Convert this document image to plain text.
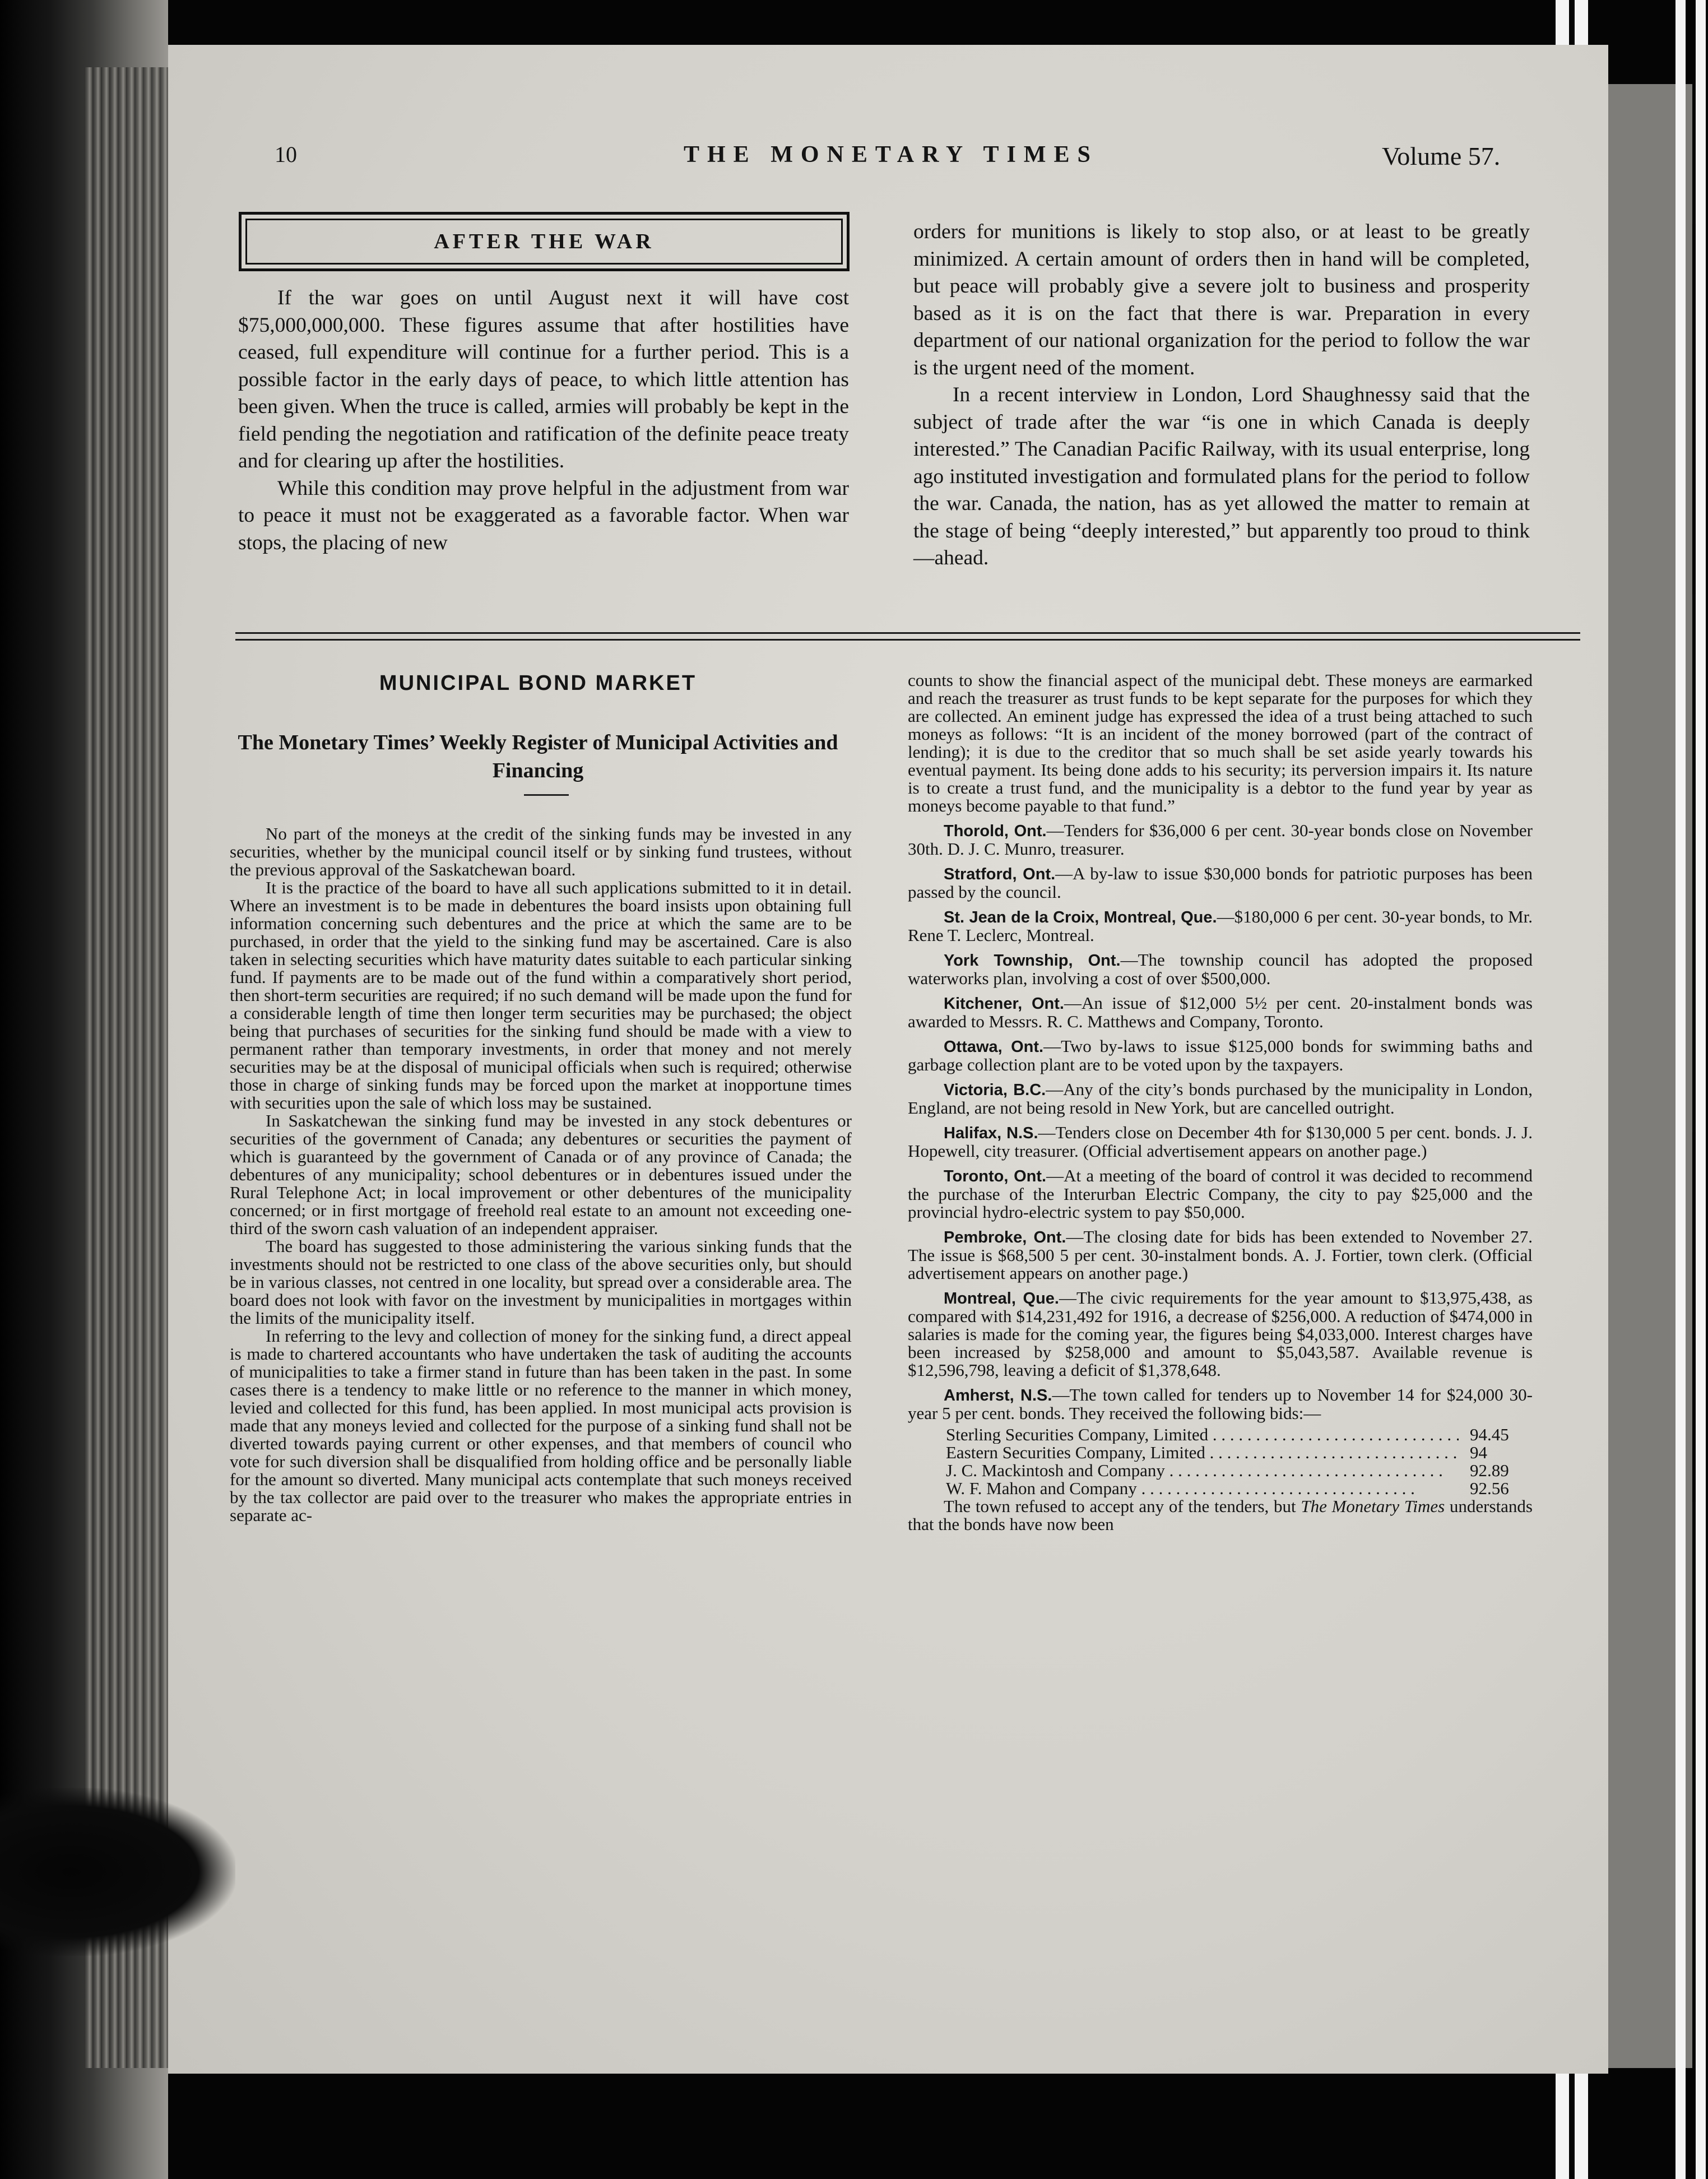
10	THE MONETARY TIMES	Volume 57.
AFTER THE WAR

If the war goes on until August next it will have cost $75,000,000,000. These figures assume that after hostilities have ceased, full expenditure will continue for a further period. This is a possible factor in the early days of peace, to which little attention has been given. When the truce is called, armies will probably be kept in the field pending the negotiation and ratification of the definite peace treaty and for clearing up after the hostilities.

While this condition may prove helpful in the adjustment from war to peace it must not be exaggerated as a favorable factor. When war stops, the placing of new

orders for munitions is likely to stop also, or at least to be greatly minimized. A certain amount of orders then in hand will be completed, but peace will probably give a severe jolt to business and prosperity based as it is on the fact that there is war. Preparation in every department of our national organization for the period to follow the war is the urgent need of the moment.

In a recent interview in London, Lord Shaughnessy said that the subject of trade after the war “is one in which Canada is deeply interested.” The Canadian Pacific Railway, with its usual enterprise, long ago instituted investigation and formulated plans for the period to follow the war. Canada, the nation, has as yet allowed the matter to remain at the stage of being “deeply interested,” but apparently too proud to think—ahead.

MUNICIPAL BOND MARKET
The Monetary Times’ Weekly Register of Municipal Activities and Financing

No part of the moneys at the credit of the sinking funds may be invested in any securities, whether by the municipal council itself or by sinking fund trustees, without the previous approval of the Saskatchewan board.

It is the practice of the board to have all such applications submitted to it in detail. Where an investment is to be made in debentures the board insists upon obtaining full information concerning such debentures and the price at which the same are to be purchased, in order that the yield to the sinking fund may be ascertained. Care is also taken in selecting securities which have maturity dates suitable to each particular sinking fund. If payments are to be made out of the fund within a comparatively short period, then short-term securities are required; if no such demand will be made upon the fund for a considerable length of time then longer term securities may be purchased; the object being that purchases of securities for the sinking fund should be made with a view to permanent rather than temporary investments, in order that money and not merely securities may be at the disposal of municipal officials when such is required; otherwise those in charge of sinking funds may be forced upon the market at inopportune times with securities upon the sale of which loss may be sustained.

In Saskatchewan the sinking fund may be invested in any stock debentures or securities of the government of Canada; any debentures or securities the payment of which is guaranteed by the government of Canada or of any province of Canada; the debentures of any municipality; school debentures or in debentures issued under the Rural Telephone Act; in local improvement or other debentures of the municipality concerned; or in first mortgage of freehold real estate to an amount not exceeding one-third of the sworn cash valuation of an independent appraiser.

The board has suggested to those administering the various sinking funds that the investments should not be restricted to one class of the above securities only, but should be in various classes, not centred in one locality, but spread over a considerable area. The board does not look with favor on the investment by municipalities in mortgages within the limits of the municipality itself.

In referring to the levy and collection of money for the sinking fund, a direct appeal is made to chartered accountants who have undertaken the task of auditing the accounts of municipalities to take a firmer stand in future than has been taken in the past. In some cases there is a tendency to make little or no reference to the manner in which money, levied and collected for this fund, has been applied. In most municipal acts provision is made that any moneys levied and collected for the purpose of a sinking fund shall not be diverted towards paying current or other expenses, and that members of council who vote for such diversion shall be disqualified from holding office and be personally liable for the amount so diverted. Many municipal acts contemplate that such moneys received by the tax collector are paid over to the treasurer who makes the appropriate entries in separate ac-

counts to show the financial aspect of the municipal debt. These moneys are earmarked and reach the treasurer as trust funds to be kept separate for the purposes for which they are collected. An eminent judge has expressed the idea of a trust being attached to such moneys as follows: “It is an incident of the money borrowed (part of the contract of lending); it is due to the creditor that so much shall be set aside yearly towards his eventual payment. Its being done adds to his security; its perversion impairs it. Its nature is to create a trust fund, and the municipality is a debtor to the fund year by year as moneys become payable to that fund.”

Thorold, Ont.—Tenders for $36,000 6 per cent. 30-year bonds close on November 30th. D. J. C. Munro, treasurer.

Stratford, Ont.—A by-law to issue $30,000 bonds for patriotic purposes has been passed by the council.

St. Jean de la Croix, Montreal, Que.—$180,000 6 per cent. 30-year bonds, to Mr. Rene T. Leclerc, Montreal.

York Township, Ont.—The township council has adopted the proposed waterworks plan, involving a cost of over $500,000.

Kitchener, Ont.—An issue of $12,000 5½ per cent. 20-instalment bonds was awarded to Messrs. R. C. Matthews and Company, Toronto.

Ottawa, Ont.—Two by-laws to issue $125,000 bonds for swimming baths and garbage collection plant are to be voted upon by the taxpayers.

Victoria, B.C.—Any of the city’s bonds purchased by the municipality in London, England, are not being resold in New York, but are cancelled outright.

Halifax, N.S.—Tenders close on December 4th for $130,000 5 per cent. bonds. J. J. Hopewell, city treasurer. (Official advertisement appears on another page.)

Toronto, Ont.—At a meeting of the board of control it was decided to recommend the purchase of the Interurban Electric Company, the city to pay $25,000 and the provincial hydro-electric system to pay $50,000.

Pembroke, Ont.—The closing date for bids has been extended to November 27. The issue is $68,500 5 per cent. 30-instalment bonds. A. J. Fortier, town clerk. (Official advertisement appears on another page.)

Montreal, Que.—The civic requirements for the year amount to $13,975,438, as compared with $14,231,492 for 1916, a decrease of $256,000. A reduction of $474,000 in salaries is made for the coming year, the figures being $4,033,000. Interest charges have been increased by $258,000 and amount to $5,043,587. Available revenue is $12,596,798, leaving a deficit of $1,378,648.

Amherst, N.S.—The town called for tenders up to November 14 for $24,000 30-year 5 per cent. bonds. They received the following bids:—

Sterling Securities Company, Limited . . .	94.45
Eastern Securities Company, Limited . . .	94
J. C. Mackintosh and Company . . .	92.89
W. F. Mahon and Company . . .	92.56

The town refused to accept any of the tenders, but The Monetary Times understands that the bonds have now been
